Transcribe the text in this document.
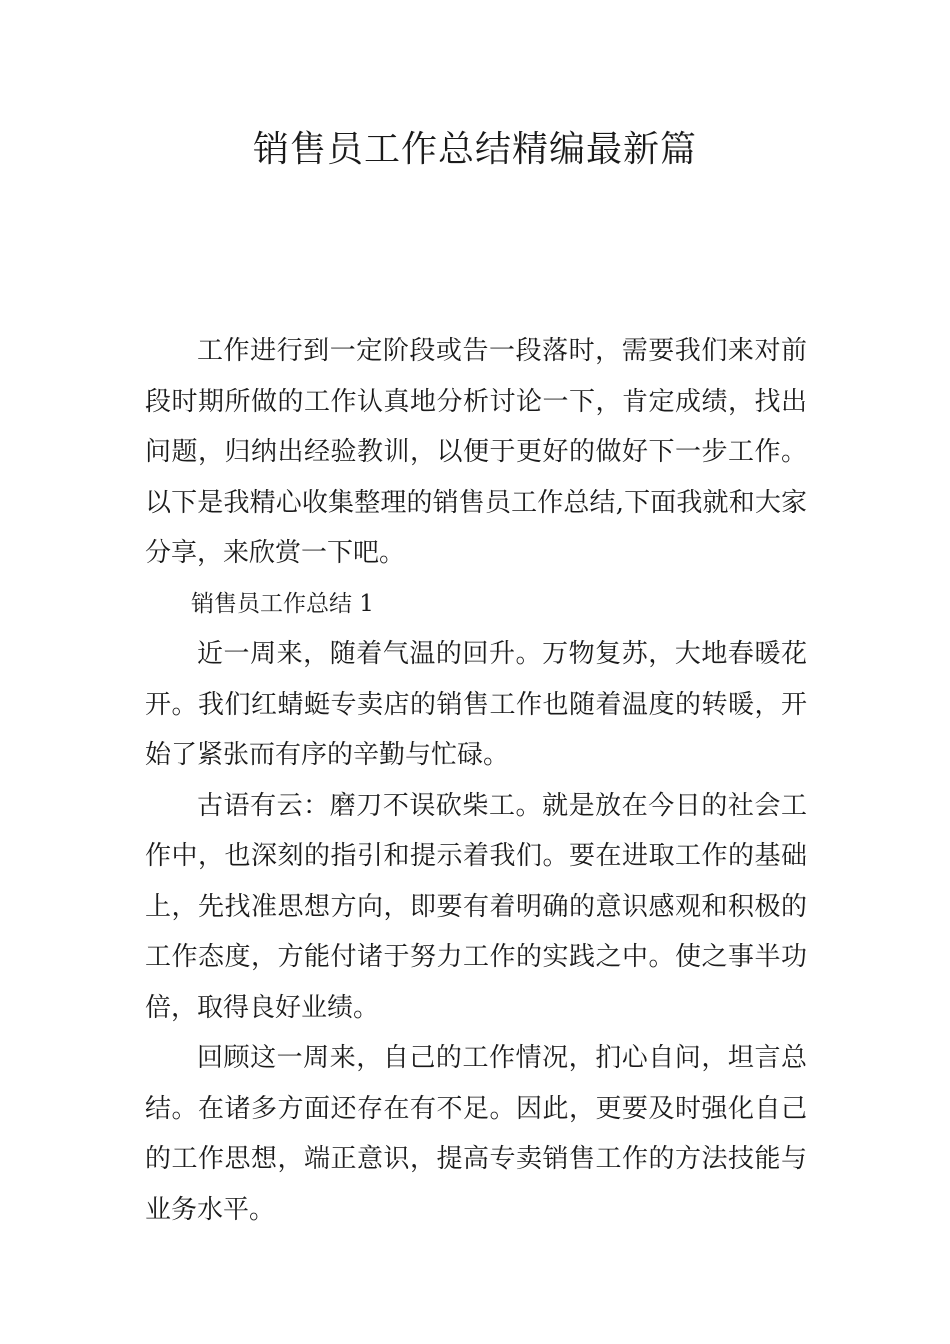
销售员工作总结精编最新篇

工作进行到一定阶段或告一段落时，需要我们来对前段时期所做的工作认真地分析讨论一下，肯定成绩，找出问题，归纳出经验教训，以便于更好的做好下一步工作。以下是我精心收集整理的销售员工作总结,下面我就和大家分享，来欣赏一下吧。

销售员工作总结 1

近一周来，随着气温的回升。万物复苏，大地春暖花开。我们红蜻蜓专卖店的销售工作也随着温度的转暖，开始了紧张而有序的辛勤与忙碌。

古语有云：磨刀不误砍柴工。就是放在今日的社会工作中，也深刻的指引和提示着我们。要在进取工作的基础上，先找准思想方向，即要有着明确的意识感观和积极的工作态度，方能付诸于努力工作的实践之中。使之事半功倍，取得良好业绩。

回顾这一周来，自己的工作情况，扪心自问，坦言总结。在诸多方面还存在有不足。因此，更要及时强化自己的工作思想，端正意识，提高专卖销售工作的方法技能与业务水平。
